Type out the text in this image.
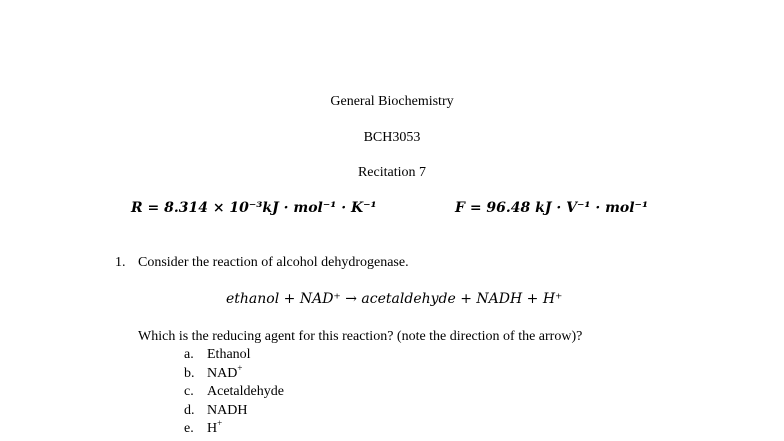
General Biochemistry
BCH3053
Recitation 7
R = 8.314 × 10⁻³kJ · mol⁻¹ · K⁻¹	F = 96.48 kJ · V⁻¹ · mol⁻¹
1. Consider the reaction of alcohol dehydrogenase.
ethanol + NAD⁺ → acetaldehyde + NADH + H⁺
Which is the reducing agent for this reaction? (note the direction of the arrow)?
a. Ethanol
b. NAD+
c. Acetaldehyde
d. NADH
e. H+
